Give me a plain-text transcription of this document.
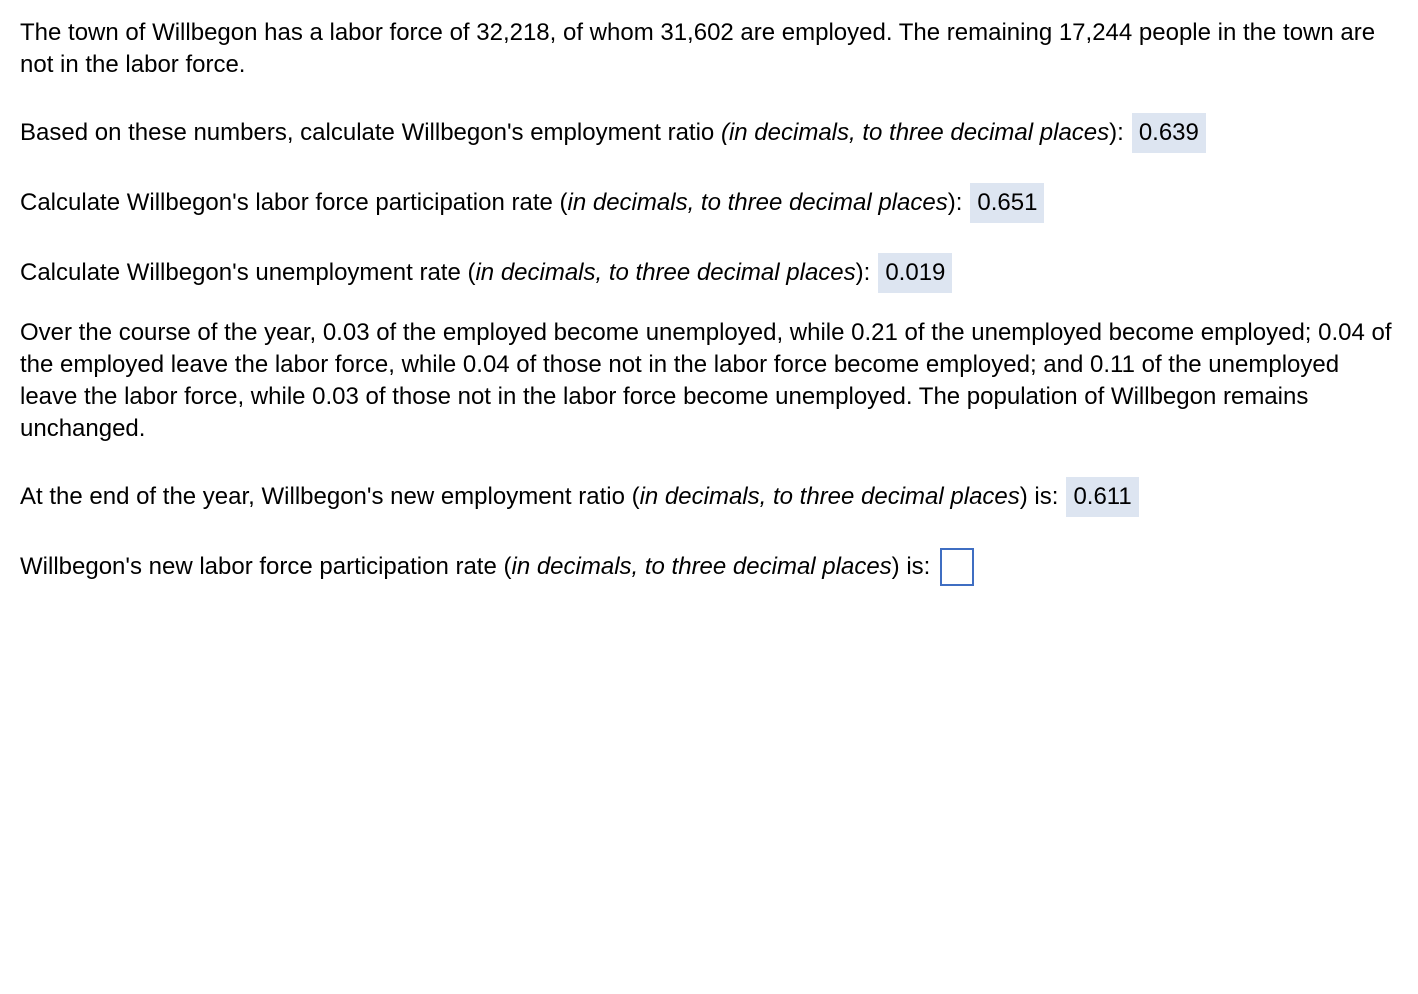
The town of Willbegon has a labor force of 32,218, of whom 31,602 are employed. The remaining 17,244 people in the town are not in the labor force.

Based on these numbers, calculate Willbegon's employment ratio (in decimals, to three decimal places): 0.639
Calculate Willbegon's labor force participation rate (in decimals, to three decimal places): 0.651
Calculate Willbegon's unemployment rate (in decimals, to three decimal places): 0.019

Over the course of the year, 0.03 of the employed become unemployed, while 0.21 of the unemployed become employed; 0.04 of the employed leave the labor force, while 0.04 of those not in the labor force become employed; and 0.11 of the unemployed leave the labor force, while 0.03 of those not in the labor force become unemployed. The population of Willbegon remains unchanged.

At the end of the year, Willbegon's new employment ratio (in decimals, to three decimal places) is: 0.611
Willbegon's new labor force participation rate (in decimals, to three decimal places) is:
